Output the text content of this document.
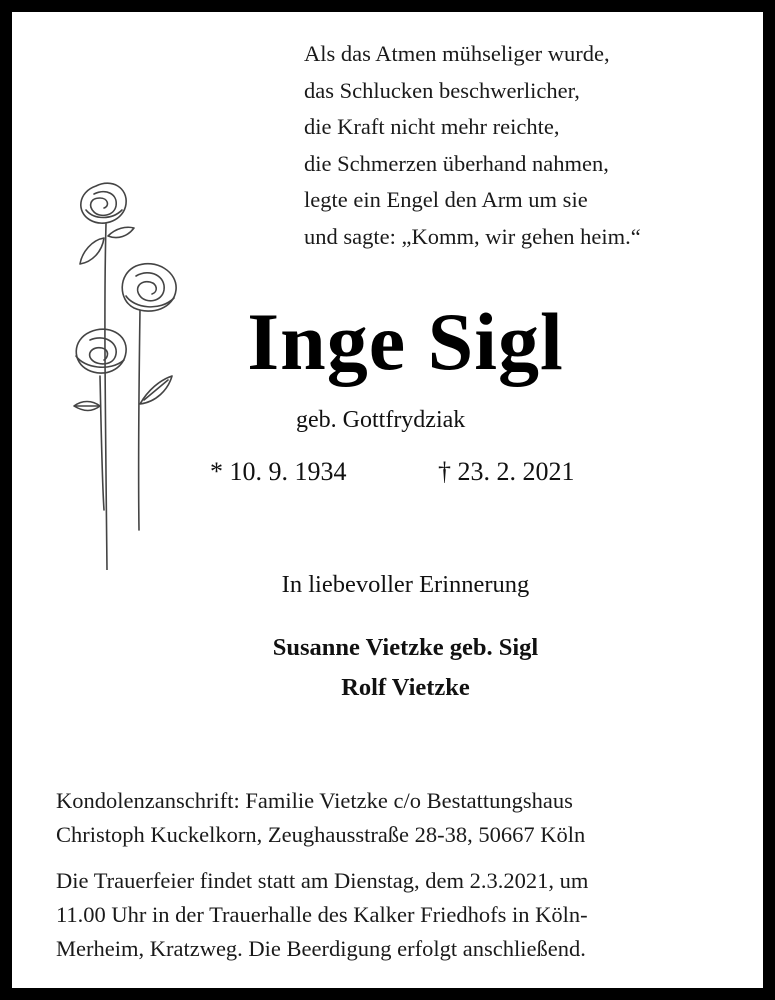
Als das Atmen mühseliger wurde,
das Schlucken beschwerlicher,
die Kraft nicht mehr reichte,
die Schmerzen überhand nahmen,
legte ein Engel den Arm um sie
und sagte: „Komm, wir gehen heim.“
Inge Sigl
geb. Gottfrydziak
* 10. 9. 1934	† 23. 2. 2021
In liebevoller Erinnerung
Susanne Vietzke geb. Sigl
Rolf Vietzke
Kondolenzanschrift: Familie Vietzke c/o Bestattungshaus
Christoph Kuckelkorn, Zeughausstraße 28-38, 50667 Köln
Die Trauerfeier findet statt am Dienstag, dem 2.3.2021, um
11.00 Uhr in der Trauerhalle des Kalker Friedhofs in Köln-
Merheim, Kratzweg. Die Beerdigung erfolgt anschließend.
